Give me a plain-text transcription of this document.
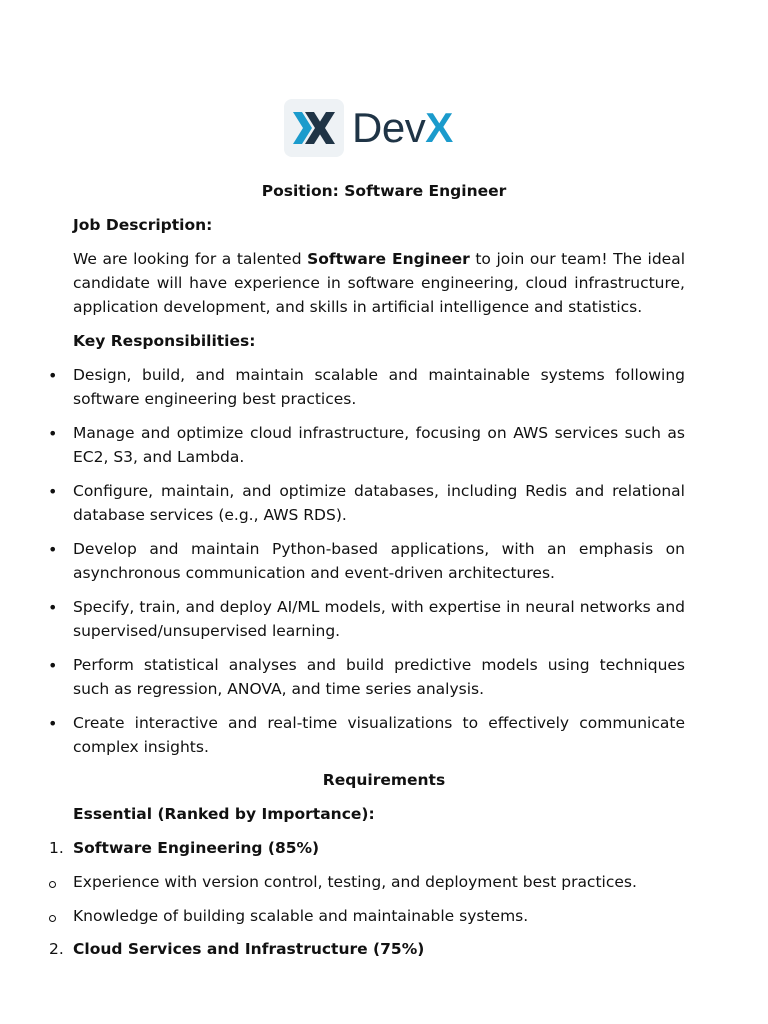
Dev X
Position: Software Engineer
Job Description:
We are looking for a talented Software Engineer to join our team! The ideal candidate will have experience in software engineering, cloud infrastructure, application development, and skills in artificial intelligence and statistics.
Key Responsibilities:
• Design, build, and maintain scalable and maintainable systems following software engineering best practices.
• Manage and optimize cloud infrastructure, focusing on AWS services such as EC2, S3, and Lambda.
• Configure, maintain, and optimize databases, including Redis and relational database services (e.g., AWS RDS).
• Develop and maintain Python-based applications, with an emphasis on asynchronous communication and event-driven architectures.
• Specify, train, and deploy AI/ML models, with expertise in neural networks and supervised/unsupervised learning.
• Perform statistical analyses and build predictive models using techniques such as regression, ANOVA, and time series analysis.
• Create interactive and real-time visualizations to effectively communicate complex insights.
Requirements
Essential (Ranked by Importance):
1. Software Engineering (85%)
Experience with version control, testing, and deployment best practices.
Knowledge of building scalable and maintainable systems.
2. Cloud Services and Infrastructure (75%)
